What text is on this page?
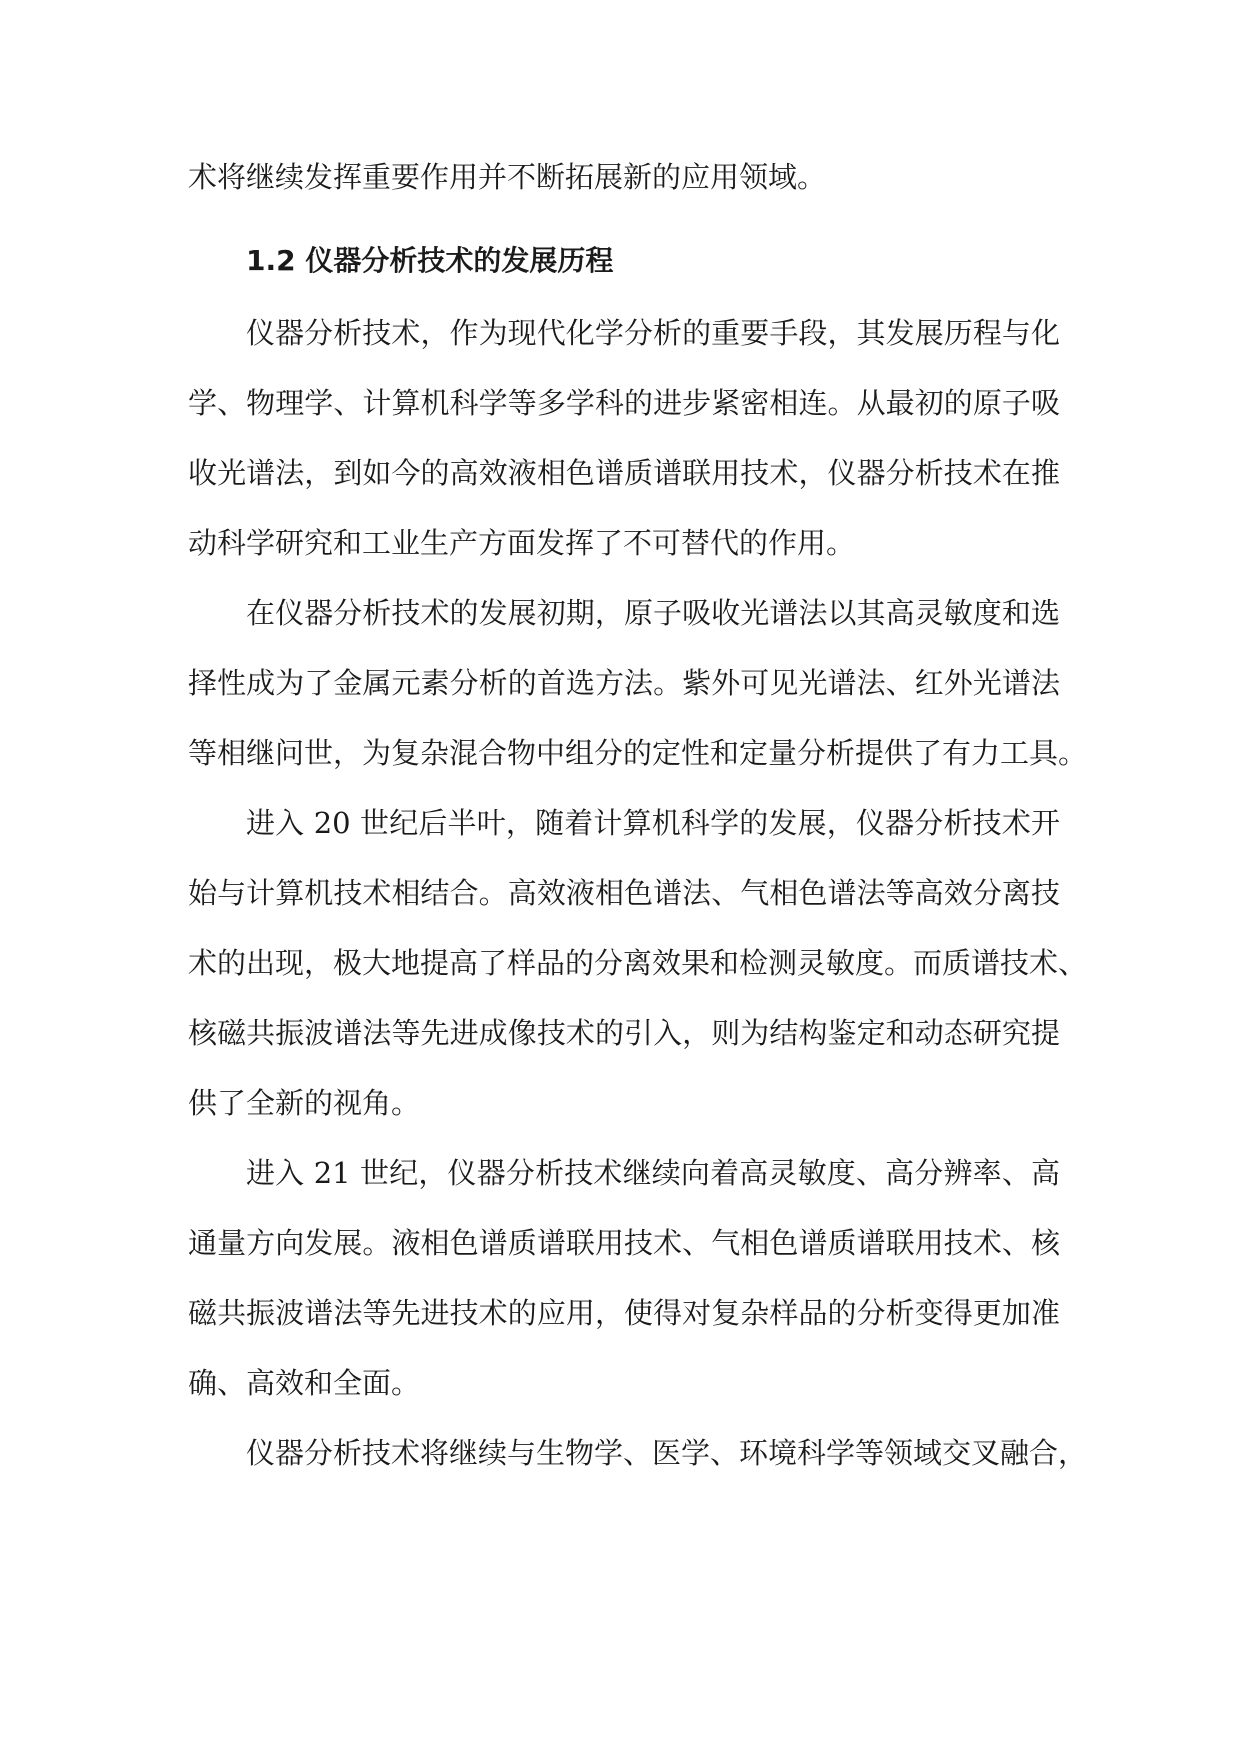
术将继续发挥重要作用并不断拓展新的应用领域。

1.2 仪器分析技术的发展历程

仪器分析技术，作为现代化学分析的重要手段，其发展历程与化
学、物理学、计算机科学等多学科的进步紧密相连。从最初的原子吸
收光谱法，到如今的高效液相色谱质谱联用技术，仪器分析技术在推
动科学研究和工业生产方面发挥了不可替代的作用。

在仪器分析技术的发展初期，原子吸收光谱法以其高灵敏度和选
择性成为了金属元素分析的首选方法。紫外可见光谱法、红外光谱法
等相继问世，为复杂混合物中组分的定性和定量分析提供了有力工具。

进入 20 世纪后半叶，随着计算机科学的发展，仪器分析技术开
始与计算机技术相结合。高效液相色谱法、气相色谱法等高效分离技
术的出现，极大地提高了样品的分离效果和检测灵敏度。而质谱技术、
核磁共振波谱法等先进成像技术的引入，则为结构鉴定和动态研究提
供了全新的视角。

进入 21 世纪，仪器分析技术继续向着高灵敏度、高分辨率、高
通量方向发展。液相色谱质谱联用技术、气相色谱质谱联用技术、核
磁共振波谱法等先进技术的应用，使得对复杂样品的分析变得更加准
确、高效和全面。

仪器分析技术将继续与生物学、医学、环境科学等领域交叉融合，
